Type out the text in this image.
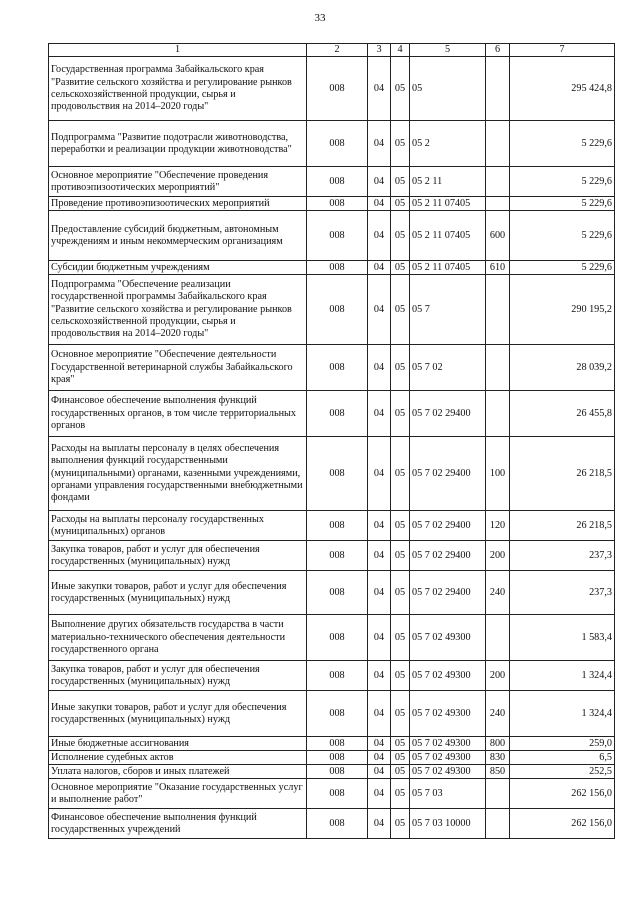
33
1	2	3	4	5	6	7
Государственная программа Забайкальского края "Развитие сельского хозяйства и регулирование рынков сельскохозяйственной продукции, сырья и продовольствия на 2014–2020 годы"	008	04	05	05		295 424,8
Подпрограмма "Развитие подотрасли животноводства, переработки и реализации продукции животноводства"	008	04	05	05 2		5 229,6
Основное мероприятие "Обеспечение проведения противоэпизоотических мероприятий"	008	04	05	05 2 11		5 229,6
Проведение противоэпизоотических мероприятий	008	04	05	05 2 11 07405		5 229,6
Предоставление субсидий бюджетным, автономным учреждениям и иным некоммерческим организациям	008	04	05	05 2 11 07405	600	5 229,6
Субсидии бюджетным учреждениям	008	04	05	05 2 11 07405	610	5 229,6
Подпрограмма "Обеспечение реализации государственной программы Забайкальского края "Развитие сельского хозяйства и регулирование рынков сельскохозяйственной продукции, сырья и продовольствия на 2014–2020 годы"	008	04	05	05 7		290 195,2
Основное мероприятие "Обеспечение деятельности Государственной ветеринарной службы Забайкальского края"	008	04	05	05 7 02		28 039,2
Финансовое обеспечение выполнения функций государственных органов, в том числе территориальных органов	008	04	05	05 7 02 29400		26 455,8
Расходы на выплаты персоналу в целях обеспечения выполнения функций государственными (муниципальными) органами, казенными учреждениями, органами управления государственными внебюджетными фондами	008	04	05	05 7 02 29400	100	26 218,5
Расходы на выплаты персоналу государственных (муниципальных) органов	008	04	05	05 7 02 29400	120	26 218,5
Закупка товаров, работ и услуг для обеспечения государственных (муниципальных) нужд	008	04	05	05 7 02 29400	200	237,3
Иные закупки товаров, работ и услуг для обеспечения государственных (муниципальных) нужд	008	04	05	05 7 02 29400	240	237,3
Выполнение других обязательств государства в части материально-технического обеспечения деятельности государственного органа	008	04	05	05 7 02 49300		1 583,4
Закупка товаров, работ и услуг для обеспечения государственных (муниципальных) нужд	008	04	05	05 7 02 49300	200	1 324,4
Иные закупки товаров, работ и услуг для обеспечения государственных (муниципальных) нужд	008	04	05	05 7 02 49300	240	1 324,4
Иные бюджетные ассигнования	008	04	05	05 7 02 49300	800	259,0
Исполнение судебных актов	008	04	05	05 7 02 49300	830	6,5
Уплата налогов, сборов и иных платежей	008	04	05	05 7 02 49300	850	252,5
Основное мероприятие "Оказание государственных услуг и выполнение работ"	008	04	05	05 7 03		262 156,0
Финансовое обеспечение выполнения функций государственных учреждений	008	04	05	05 7 03 10000		262 156,0
